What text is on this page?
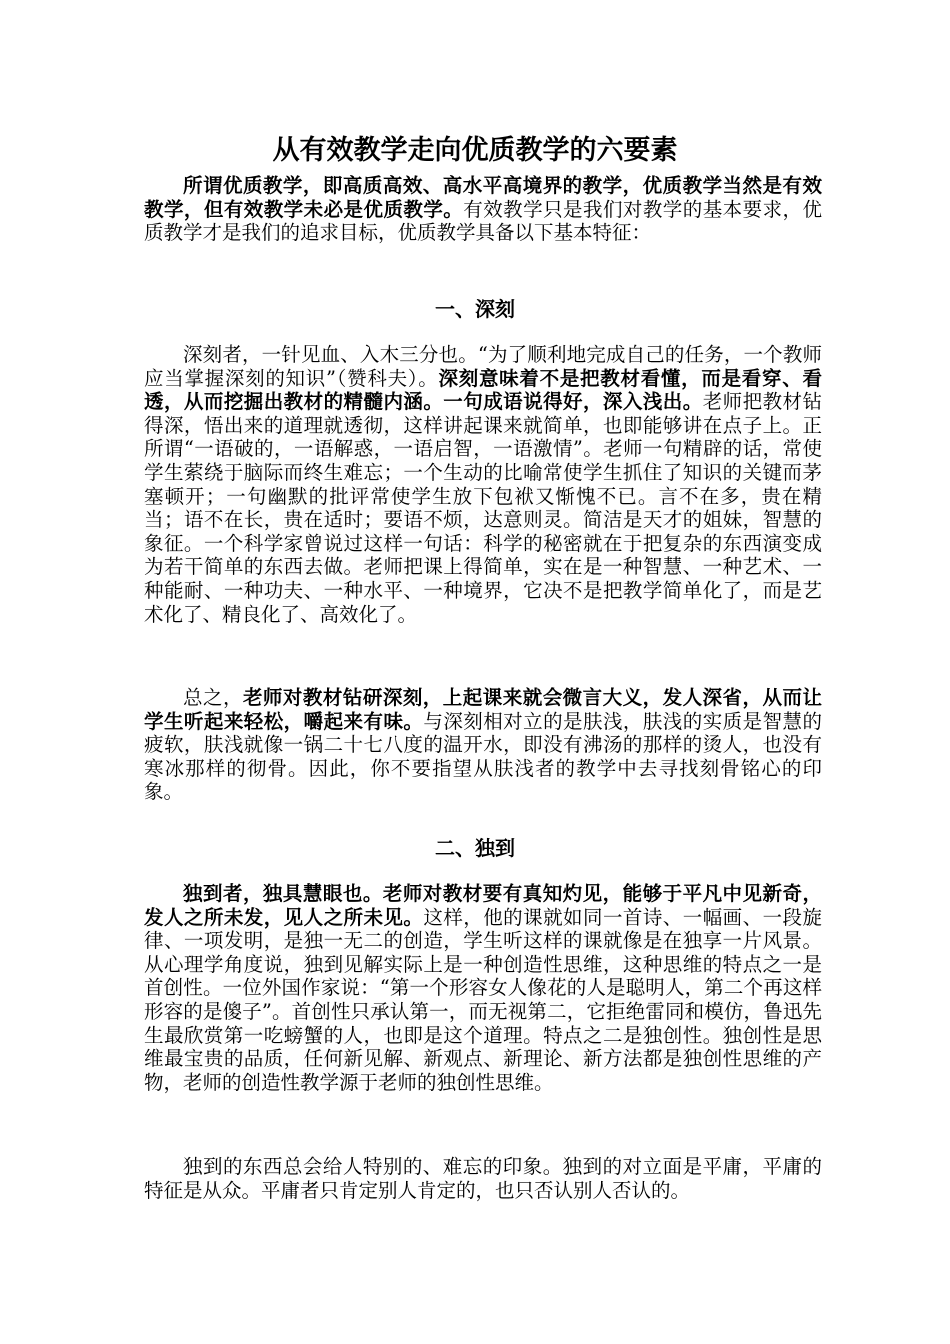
从有效教学走向优质教学的六要素

所谓优质教学，即高质高效、高水平高境界的教学，优质教学当然是有效教学，但有效教学未必是优质教学。有效教学只是我们对教学的基本要求，优质教学才是我们的追求目标，优质教学具备以下基本特征：

一、深刻

深刻者，一针见血、入木三分也。“为了顺利地完成自己的任务，一个教师应当掌握深刻的知识”（赞科夫）。深刻意味着不是把教材看懂，而是看穿、看透，从而挖掘出教材的精髓内涵。一句成语说得好，深入浅出。老师把教材钻得深，悟出来的道理就透彻，这样讲起课来就简单，也即能够讲在点子上。正所谓“一语破的，一语解惑，一语启智，一语激情”。老师一句精辟的话，常使学生萦绕于脑际而终生难忘；一个生动的比喻常使学生抓住了知识的关键而茅塞顿开；一句幽默的批评常使学生放下包袱又惭愧不已。言不在多，贵在精当；语不在长，贵在适时；要语不烦，达意则灵。简洁是天才的姐妹，智慧的象征。一个科学家曾说过这样一句话：科学的秘密就在于把复杂的东西演变成为若干简单的东西去做。老师把课上得简单，实在是一种智慧、一种艺术、一种能耐、一种功夫、一种水平、一种境界，它决不是把教学简单化了，而是艺术化了、精良化了、高效化了。

总之，老师对教材钻研深刻，上起课来就会微言大义，发人深省，从而让学生听起来轻松，嚼起来有味。与深刻相对立的是肤浅，肤浅的实质是智慧的疲软，肤浅就像一锅二十七八度的温开水，即没有沸汤的那样的烫人，也没有寒冰那样的彻骨。因此，你不要指望从肤浅者的教学中去寻找刻骨铭心的印象。

二、独到

独到者，独具慧眼也。老师对教材要有真知灼见，能够于平凡中见新奇，发人之所未发，见人之所未见。这样，他的课就如同一首诗、一幅画、一段旋律、一项发明，是独一无二的创造，学生听这样的课就像是在独享一片风景。从心理学角度说，独到见解实际上是一种创造性思维，这种思维的特点之一是首创性。一位外国作家说：“第一个形容女人像花的人是聪明人，第二个再这样形容的是傻子”。首创性只承认第一，而无视第二，它拒绝雷同和模仿，鲁迅先生最欣赏第一吃螃蟹的人，也即是这个道理。特点之二是独创性。独创性是思维最宝贵的品质，任何新见解、新观点、新理论、新方法都是独创性思维的产物，老师的创造性教学源于老师的独创性思维。

独到的东西总会给人特别的、难忘的印象。独到的对立面是平庸，平庸的特征是从众。平庸者只肯定别人肯定的，也只否认别人否认的。
